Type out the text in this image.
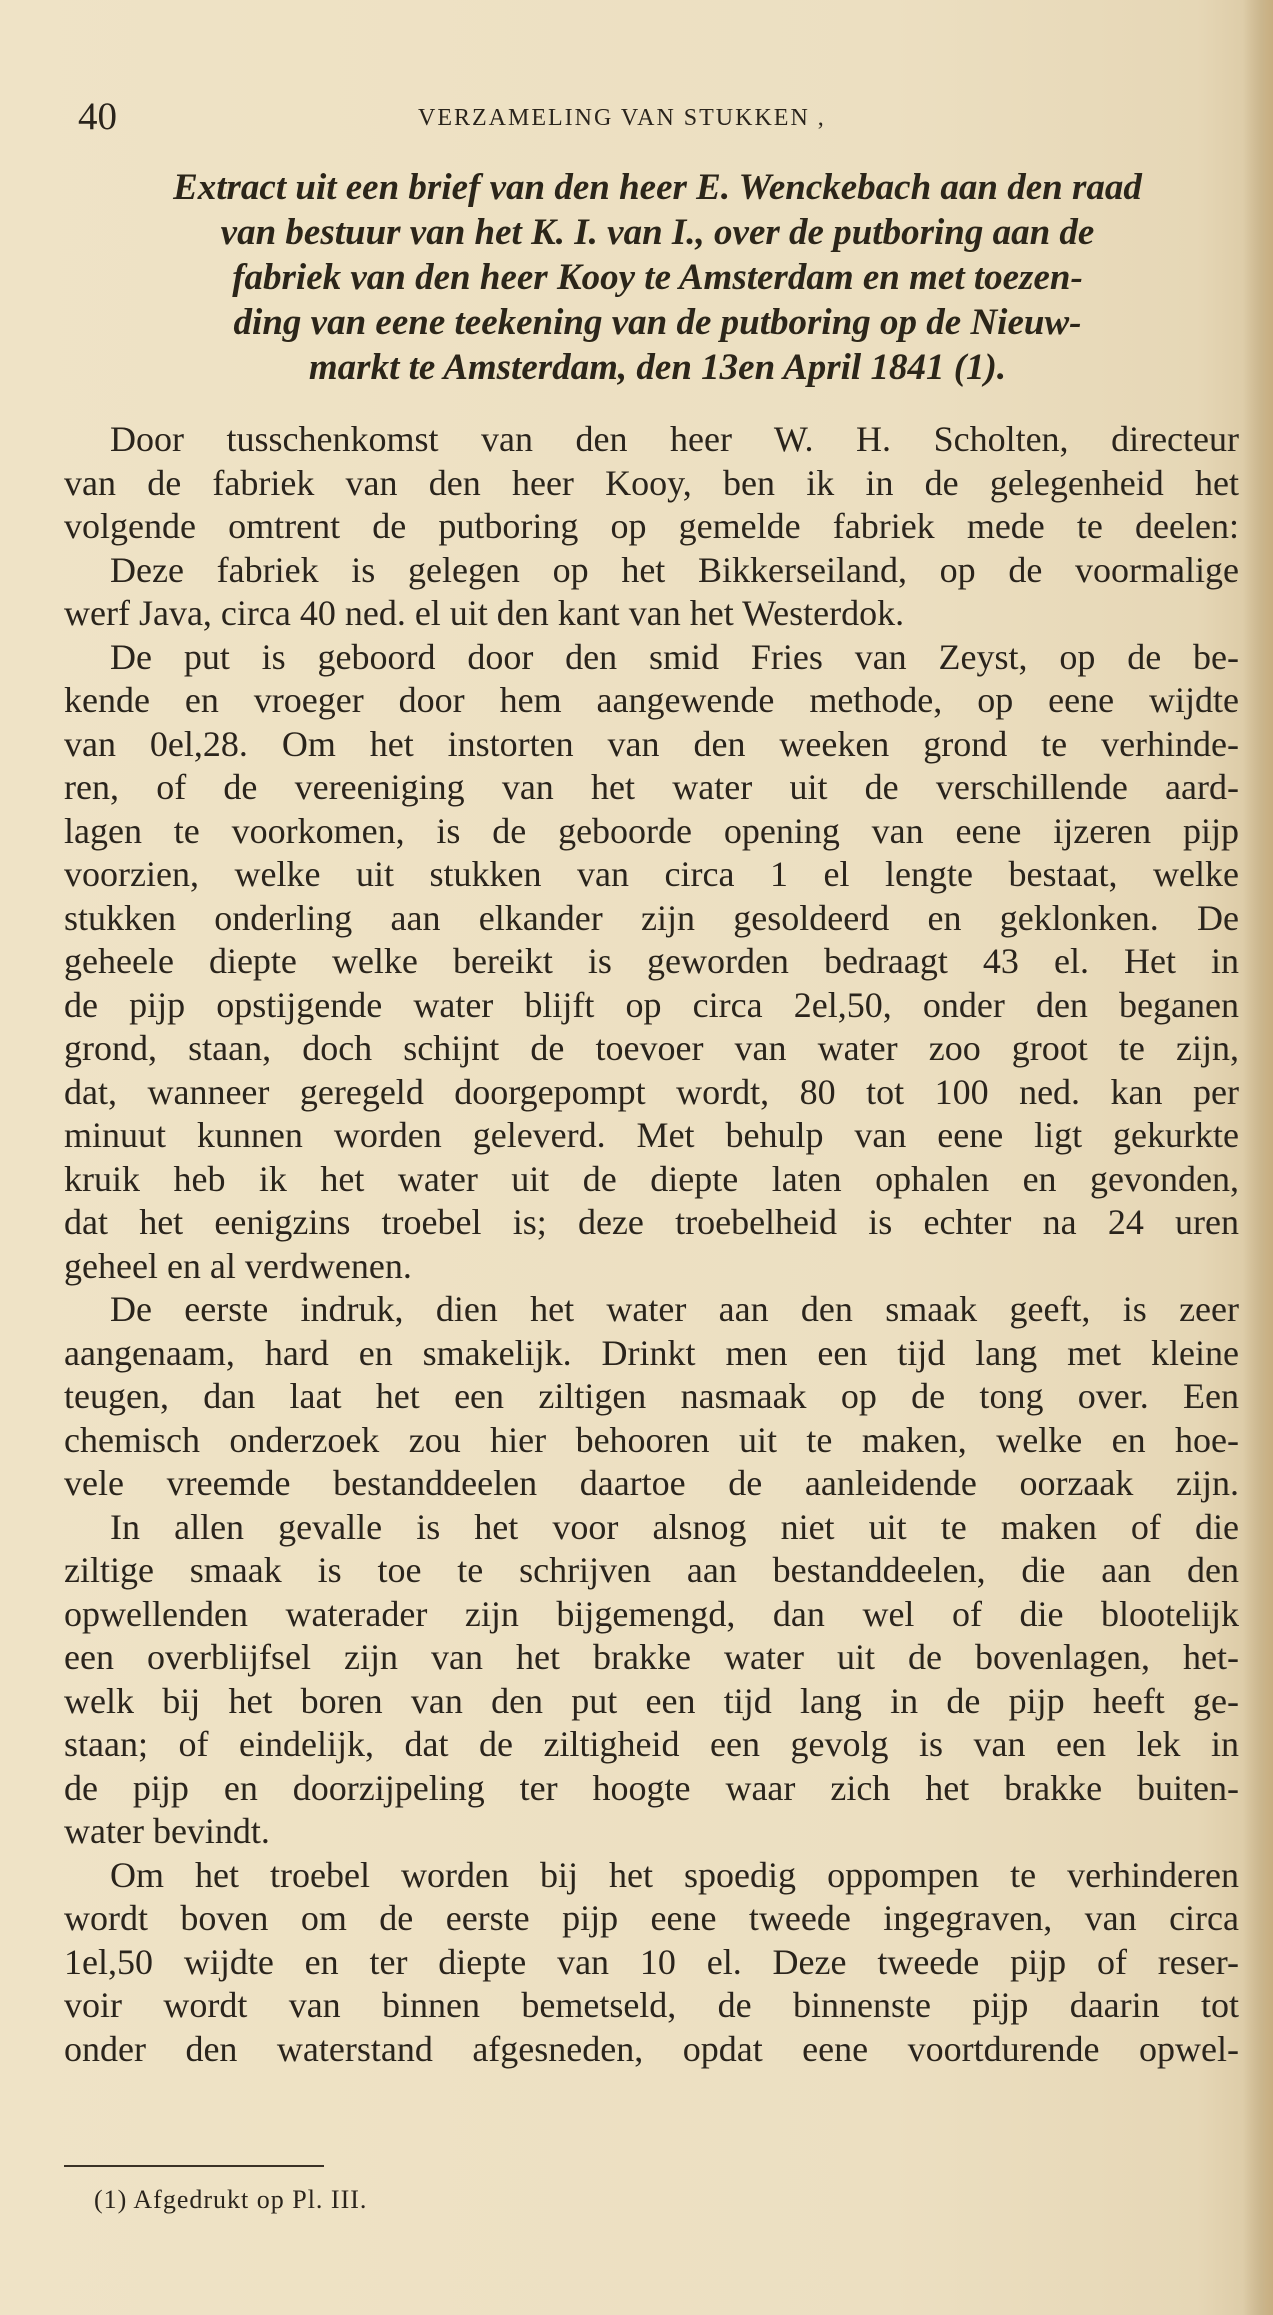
40	VERZAMELING VAN STUKKEN ,
Extract uit een brief van den heer E. Wenckebach aan den raad
van bestuur van het K. I. van I., over de putboring aan de
fabriek van den heer Kooy te Amsterdam en met toezen-
ding van eene teekening van de putboring op de Nieuw-
markt te Amsterdam, den 13en April 1841 (1).
Door tusschenkomst van den heer W. H. Scholten, directeur
van de fabriek van den heer Kooy, ben ik in de gelegenheid het
volgende omtrent de putboring op gemelde fabriek mede te deelen:
Deze fabriek is gelegen op het Bikkerseiland, op de voormalige
werf Java, circa 40 ned. el uit den kant van het Westerdok.
De put is geboord door den smid Fries van Zeyst, op de be-
kende en vroeger door hem aangewende methode, op eene wijdte
van 0el,28. Om het instorten van den weeken grond te verhinde-
ren, of de vereeniging van het water uit de verschillende aard-
lagen te voorkomen, is de geboorde opening van eene ijzeren pijp
voorzien, welke uit stukken van circa 1 el lengte bestaat, welke
stukken onderling aan elkander zijn gesoldeerd en geklonken. De
geheele diepte welke bereikt is geworden bedraagt 43 el. Het in
de pijp opstijgende water blijft op circa 2el,50, onder den beganen
grond, staan, doch schijnt de toevoer van water zoo groot te zijn,
dat, wanneer geregeld doorgepompt wordt, 80 tot 100 ned. kan per
minuut kunnen worden geleverd. Met behulp van eene ligt gekurkte
kruik heb ik het water uit de diepte laten ophalen en gevonden,
dat het eenigzins troebel is; deze troebelheid is echter na 24 uren
geheel en al verdwenen.
De eerste indruk, dien het water aan den smaak geeft, is zeer
aangenaam, hard en smakelijk. Drinkt men een tijd lang met kleine
teugen, dan laat het een ziltigen nasmaak op de tong over. Een
chemisch onderzoek zou hier behooren uit te maken, welke en hoe-
vele vreemde bestanddeelen daartoe de aanleidende oorzaak zijn.
In allen gevalle is het voor alsnog niet uit te maken of die
ziltige smaak is toe te schrijven aan bestanddeelen, die aan den
opwellenden waterader zijn bijgemengd, dan wel of die blootelijk
een overblijfsel zijn van het brakke water uit de bovenlagen, het-
welk bij het boren van den put een tijd lang in de pijp heeft ge-
staan; of eindelijk, dat de ziltigheid een gevolg is van een lek in
de pijp en doorzijpeling ter hoogte waar zich het brakke buiten-
water bevindt.
Om het troebel worden bij het spoedig oppompen te verhinderen
wordt boven om de eerste pijp eene tweede ingegraven, van circa
1el,50 wijdte en ter diepte van 10 el. Deze tweede pijp of reser-
voir wordt van binnen bemetseld, de binnenste pijp daarin tot
onder den waterstand afgesneden, opdat eene voortdurende opwel-
(1) Afgedrukt op Pl. III.
